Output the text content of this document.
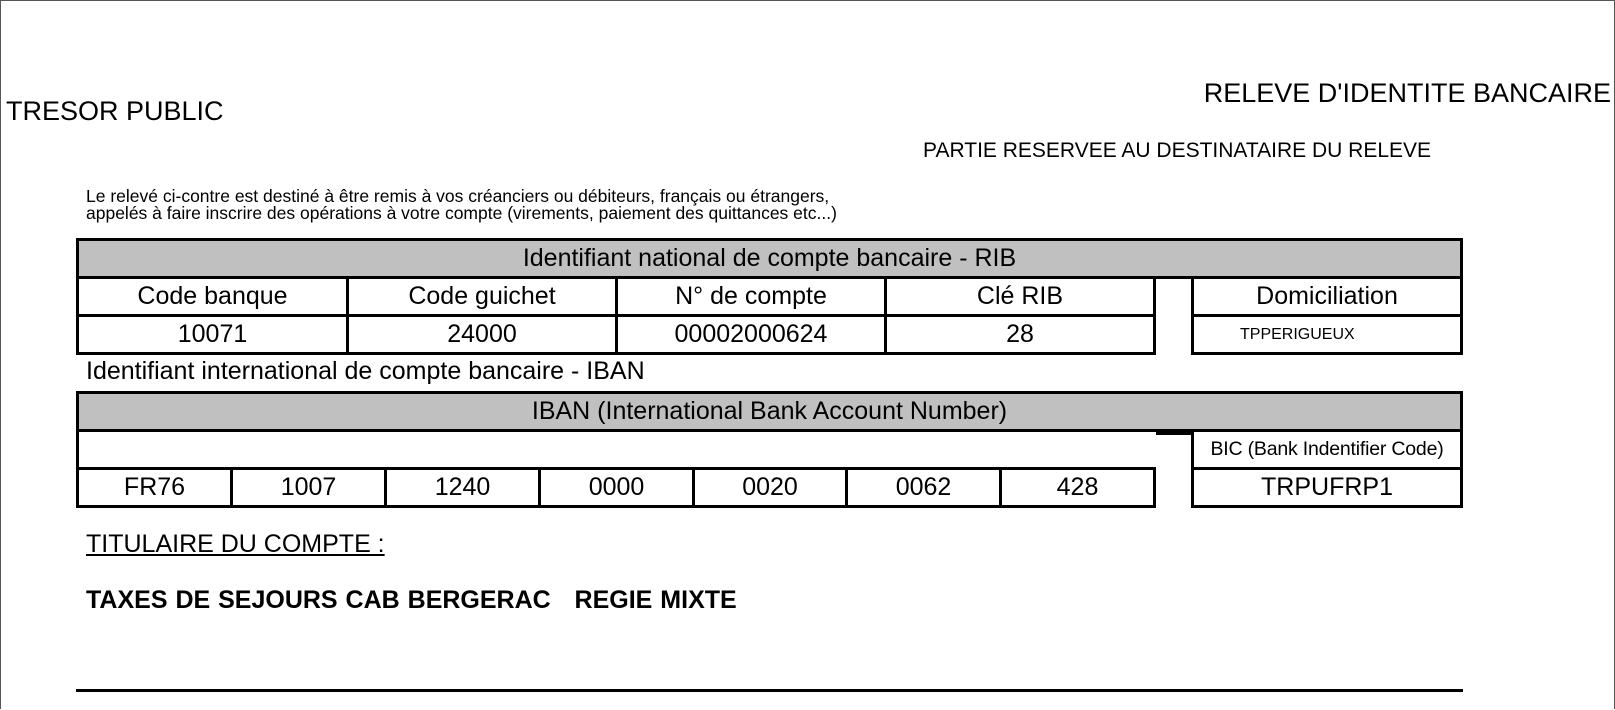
TRESOR PUBLIC
RELEVE D'IDENTITE BANCAIRE
PARTIE RESERVEE AU DESTINATAIRE DU RELEVE
Le relevé ci-contre est destiné à être remis à vos créanciers ou débiteurs, français ou étrangers,
appelés à faire inscrire des opérations à votre compte (virements, paiement des quittances etc...)
Identifiant national de compte bancaire - RIB
Code banque	Code guichet	N° de compte	Clé RIB	Domiciliation
10071	24000	00002000624	28	TPPERIGUEUX
Identifiant international de compte bancaire - IBAN
IBAN (International Bank Account Number)
BIC (Bank Indentifier Code)
FR76	1007	1240	0000	0020	0062	428	TRPUFRP1
TITULAIRE DU COMPTE :
TAXES DE SEJOURS CAB BERGERAC   REGIE MIXTE
